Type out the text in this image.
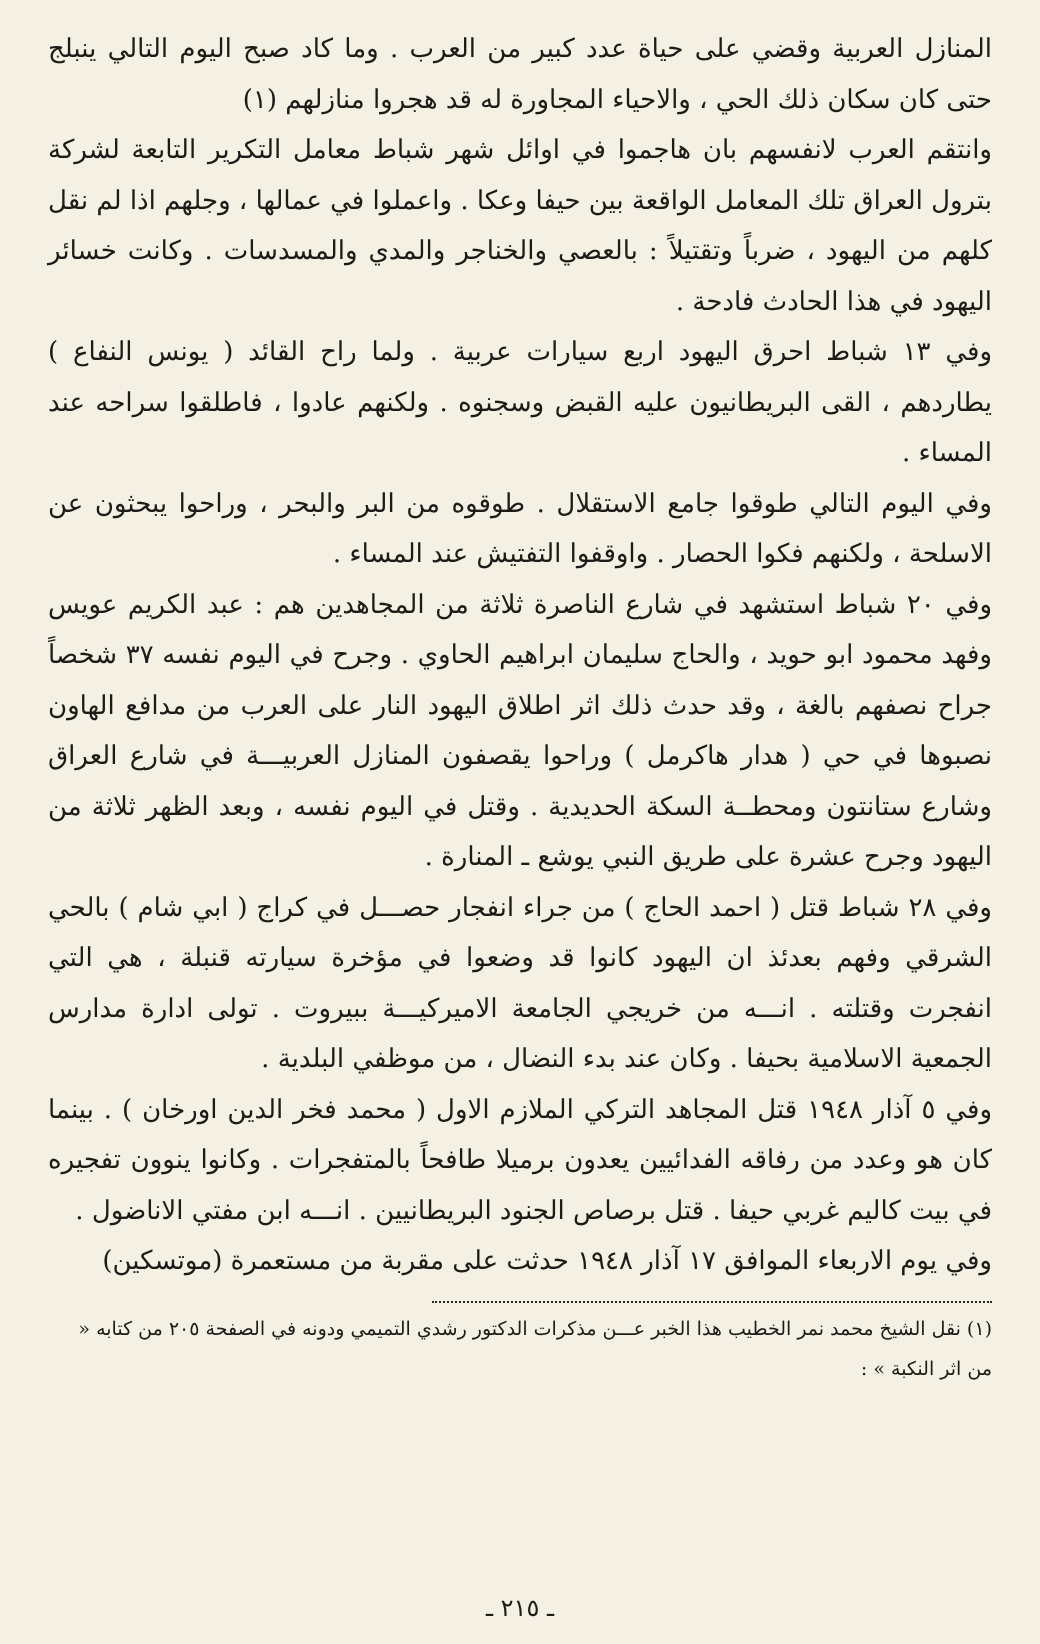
المنازل العربية وقضي على حياة عدد كبير من العرب . وما كاد صبح اليوم التالي ينبلج حتى كان سكان ذلك الحي ، والاحياء المجاورة له قد هجروا منازلهم (١)

وانتقم العرب لانفسهم بان هاجموا في اوائل شهر شباط معامل التكرير التابعة لشركة بترول العراق تلك المعامل الواقعة بين حيفا وعكا . واعملوا في عمالها ، وجلهم اذا لم نقل كلهم من اليهود ، ضرباً وتقتيلاً : بالعصي والخناجر والمدي والمسدسات . وكانت خسائر اليهود في هذا الحادث فادحة .

وفي ١٣ شباط احرق اليهود اربع سيارات عربية . ولما راح القائد ( يونس النفاع ) يطاردهم ، القى البريطانيون عليه القبض وسجنوه . ولكنهم عادوا ، فاطلقوا سراحه عند المساء .

وفي اليوم التالي طوقوا جامع الاستقلال . طوقوه من البر والبحر ، وراحوا يبحثون عن الاسلحة ، ولكنهم فكوا الحصار . واوقفوا التفتيش عند المساء .

وفي ٢٠ شباط استشهد في شارع الناصرة ثلاثة من المجاهدين هم : عبد الكريم عويس وفهد محمود ابو حويد ، والحاج سليمان ابراهيم الحاوي . وجرح في اليوم نفسه ٣٧ شخصاً جراح نصفهم بالغة ، وقد حدث ذلك اثر اطلاق اليهود النار على العرب من مدافع الهاون نصبوها في حي ( هدار هاكرمل ) وراحوا يقصفون المنازل العربيـــة في شارع العراق وشارع ستانتون ومحطــة السكة الحديدية . وقتل في اليوم نفسه ، وبعد الظهر ثلاثة من اليهود وجرح عشرة على طريق النبي يوشع ـ المنارة .

وفي ٢٨ شباط قتل ( احمد الحاج ) من جراء انفجار حصـــل في كراج ( ابي شام ) بالحي الشرقي وفهم بعدئذ ان اليهود كانوا قد وضعوا في مؤخرة سيارته قنبلة ، هي التي انفجرت وقتلته . انـــه من خريجي الجامعة الاميركيـــة ببيروت . تولى ادارة مدارس الجمعية الاسلامية بحيفا . وكان عند بدء النضال ، من موظفي البلدية .

وفي ٥ آذار ١٩٤٨ قتل المجاهد التركي الملازم الاول ( محمد فخر الدين اورخان ) . بينما كان هو وعدد من رفاقه الفدائيين يعدون برميلا طافحاً بالمتفجرات . وكانوا ينوون تفجيره في بيت كاليم غربي حيفا . قتل برصاص الجنود البريطانيين . انـــه ابن مفتي الاناضول .

وفي يوم الاربعاء الموافق ١٧ آذار ١٩٤٨ حدثت على مقربة من مستعمرة (موتسكين)

(١) نقل الشيخ محمد نمر الخطيب هذا الخبر عـــن مذكرات الدكتور رشدي التميمي ودونه في الصفحة ٢٠٥ من كتابه « من اثر النكبة » :

ـ ٢١٥ ـ
